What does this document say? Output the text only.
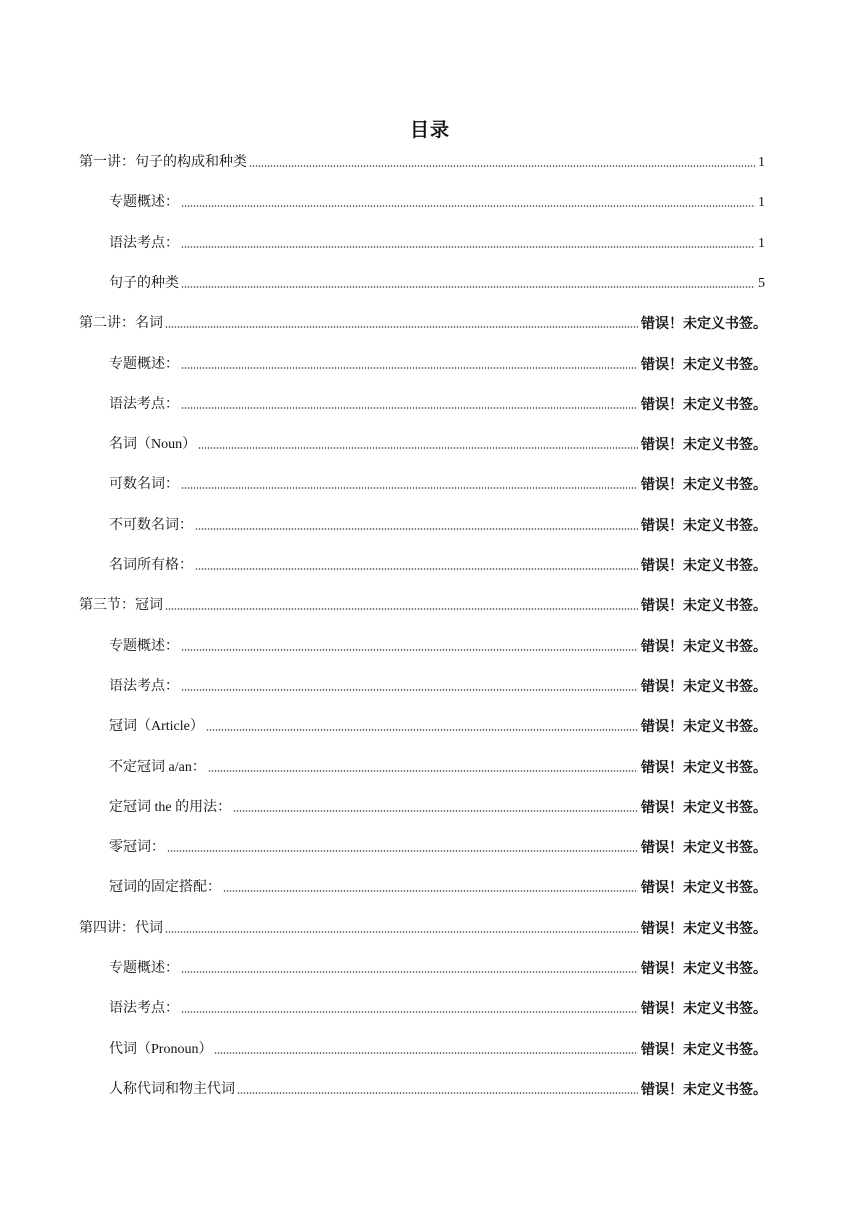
目录
第一讲：句子的构成和种类	1
专题概述：	1
语法考点：	1
句子的种类	5
第二讲：名词	错误！未定义书签。
专题概述：	错误！未定义书签。
语法考点：	错误！未定义书签。
名词（Noun）	错误！未定义书签。
可数名词：	错误！未定义书签。
不可数名词：	错误！未定义书签。
名词所有格：	错误！未定义书签。
第三节：冠词	错误！未定义书签。
专题概述：	错误！未定义书签。
语法考点：	错误！未定义书签。
冠词（Article）	错误！未定义书签。
不定冠词 a/an：	错误！未定义书签。
定冠词 the 的用法：	错误！未定义书签。
零冠词：	错误！未定义书签。
冠词的固定搭配：	错误！未定义书签。
第四讲：代词	错误！未定义书签。
专题概述：	错误！未定义书签。
语法考点：	错误！未定义书签。
代词（Pronoun）	错误！未定义书签。
人称代词和物主代词	错误！未定义书签。
